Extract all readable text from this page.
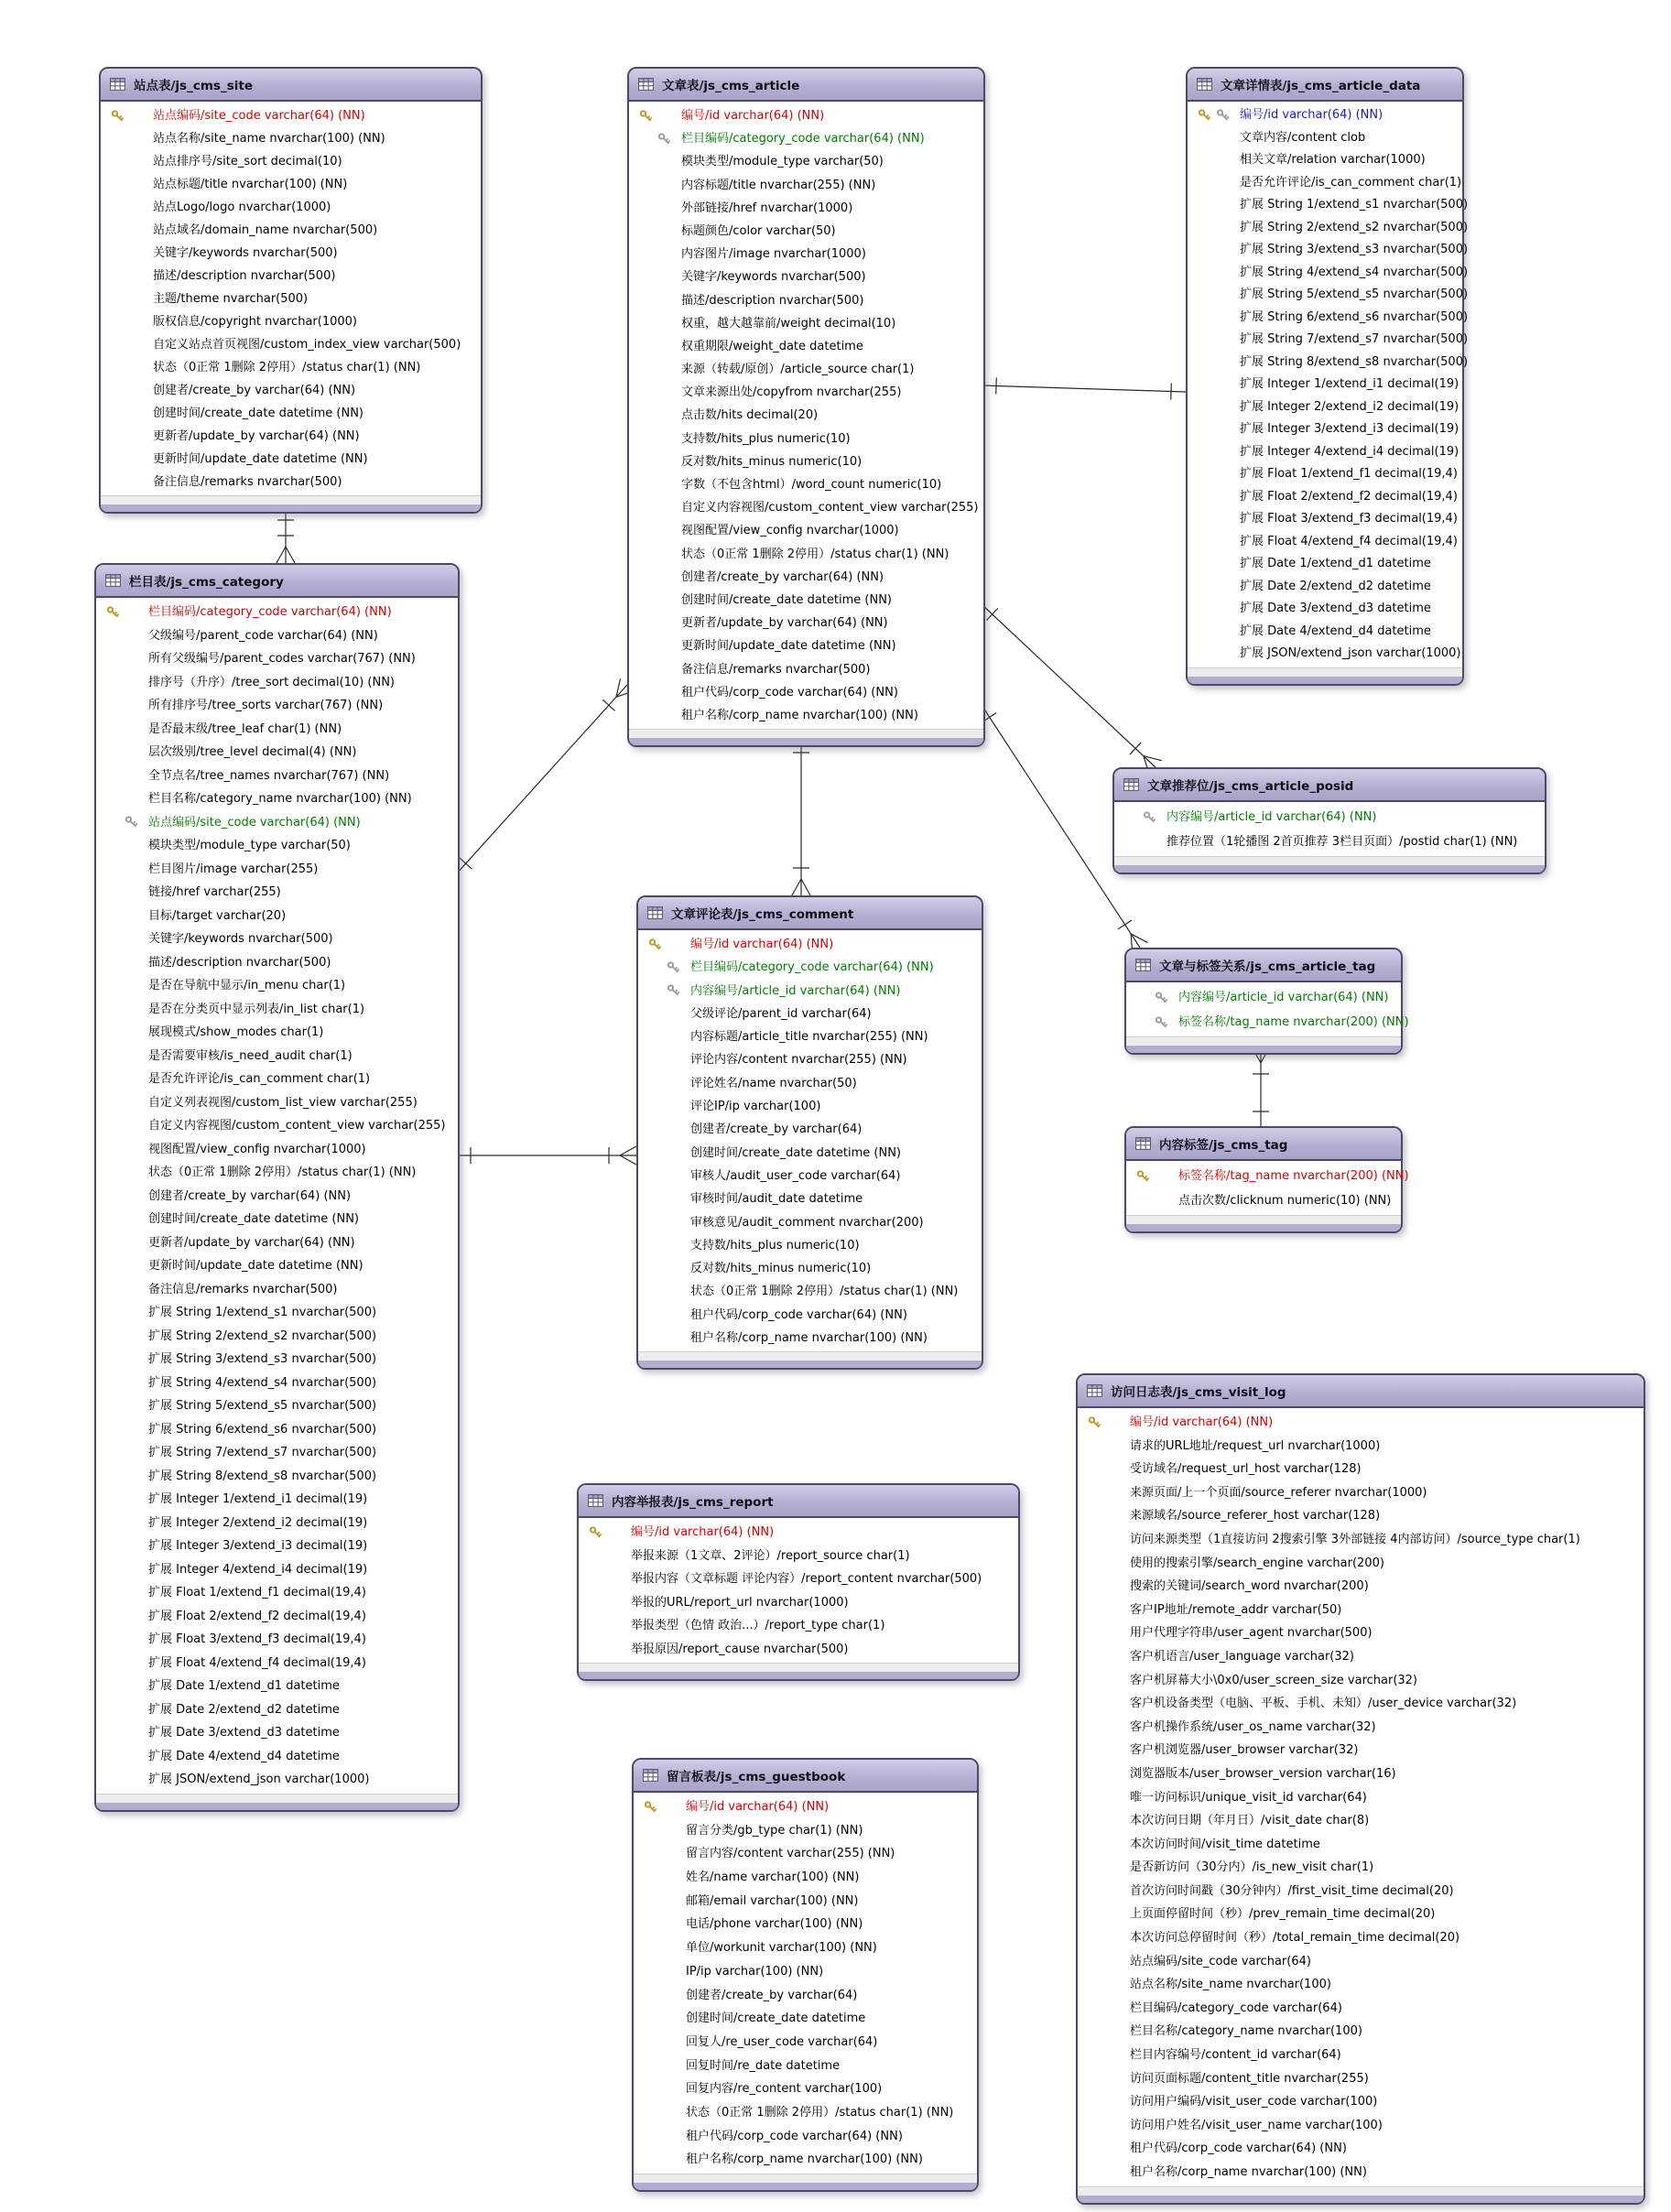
站点表/js_cms_site
站点编码/site_code varchar(64) (NN)
站点名称/site_name nvarchar(100) (NN)
站点排序号/site_sort decimal(10)
站点标题/title nvarchar(100) (NN)
站点Logo/logo nvarchar(1000)
站点域名/domain_name nvarchar(500)
关键字/keywords nvarchar(500)
描述/description nvarchar(500)
主题/theme nvarchar(500)
版权信息/copyright nvarchar(1000)
自定义站点首页视图/custom_index_view varchar(500)
状态（0正常 1删除 2停用）/status char(1) (NN)
创建者/create_by varchar(64) (NN)
创建时间/create_date datetime (NN)
更新者/update_by varchar(64) (NN)
更新时间/update_date datetime (NN)
备注信息/remarks nvarchar(500)
栏目表/js_cms_category
栏目编码/category_code varchar(64) (NN)
父级编号/parent_code varchar(64) (NN)
所有父级编号/parent_codes varchar(767) (NN)
排序号（升序）/tree_sort decimal(10) (NN)
所有排序号/tree_sorts varchar(767) (NN)
是否最末级/tree_leaf char(1) (NN)
层次级别/tree_level decimal(4) (NN)
全节点名/tree_names nvarchar(767) (NN)
栏目名称/category_name nvarchar(100) (NN)
站点编码/site_code varchar(64) (NN)
模块类型/module_type varchar(50)
栏目图片/image varchar(255)
链接/href varchar(255)
目标/target varchar(20)
关键字/keywords nvarchar(500)
描述/description nvarchar(500)
是否在导航中显示/in_menu char(1)
是否在分类页中显示列表/in_list char(1)
展现模式/show_modes char(1)
是否需要审核/is_need_audit char(1)
是否允许评论/is_can_comment char(1)
自定义列表视图/custom_list_view varchar(255)
自定义内容视图/custom_content_view varchar(255)
视图配置/view_config nvarchar(1000)
状态（0正常 1删除 2停用）/status char(1) (NN)
创建者/create_by varchar(64) (NN)
创建时间/create_date datetime (NN)
更新者/update_by varchar(64) (NN)
更新时间/update_date datetime (NN)
备注信息/remarks nvarchar(500)
扩展 String 1/extend_s1 nvarchar(500)
扩展 String 2/extend_s2 nvarchar(500)
扩展 String 3/extend_s3 nvarchar(500)
扩展 String 4/extend_s4 nvarchar(500)
扩展 String 5/extend_s5 nvarchar(500)
扩展 String 6/extend_s6 nvarchar(500)
扩展 String 7/extend_s7 nvarchar(500)
扩展 String 8/extend_s8 nvarchar(500)
扩展 Integer 1/extend_i1 decimal(19)
扩展 Integer 2/extend_i2 decimal(19)
扩展 Integer 3/extend_i3 decimal(19)
扩展 Integer 4/extend_i4 decimal(19)
扩展 Float 1/extend_f1 decimal(19,4)
扩展 Float 2/extend_f2 decimal(19,4)
扩展 Float 3/extend_f3 decimal(19,4)
扩展 Float 4/extend_f4 decimal(19,4)
扩展 Date 1/extend_d1 datetime
扩展 Date 2/extend_d2 datetime
扩展 Date 3/extend_d3 datetime
扩展 Date 4/extend_d4 datetime
扩展 JSON/extend_json varchar(1000)
文章表/js_cms_article
编号/id varchar(64) (NN)
栏目编码/category_code varchar(64) (NN)
模块类型/module_type varchar(50)
内容标题/title nvarchar(255) (NN)
外部链接/href nvarchar(1000)
标题颜色/color varchar(50)
内容图片/image nvarchar(1000)
关键字/keywords nvarchar(500)
描述/description nvarchar(500)
权重，越大越靠前/weight decimal(10)
权重期限/weight_date datetime
来源（转载/原创）/article_source char(1)
文章来源出处/copyfrom nvarchar(255)
点击数/hits decimal(20)
支持数/hits_plus numeric(10)
反对数/hits_minus numeric(10)
字数（不包含html）/word_count numeric(10)
自定义内容视图/custom_content_view varchar(255)
视图配置/view_config nvarchar(1000)
状态（0正常 1删除 2停用）/status char(1) (NN)
创建者/create_by varchar(64) (NN)
创建时间/create_date datetime (NN)
更新者/update_by varchar(64) (NN)
更新时间/update_date datetime (NN)
备注信息/remarks nvarchar(500)
租户代码/corp_code varchar(64) (NN)
租户名称/corp_name nvarchar(100) (NN)
文章详情表/js_cms_article_data
编号/id varchar(64) (NN)
文章内容/content clob
相关文章/relation varchar(1000)
是否允许评论/is_can_comment char(1)
扩展 String 1/extend_s1 nvarchar(500)
扩展 String 2/extend_s2 nvarchar(500)
扩展 String 3/extend_s3 nvarchar(500)
扩展 String 4/extend_s4 nvarchar(500)
扩展 String 5/extend_s5 nvarchar(500)
扩展 String 6/extend_s6 nvarchar(500)
扩展 String 7/extend_s7 nvarchar(500)
扩展 String 8/extend_s8 nvarchar(500)
扩展 Integer 1/extend_i1 decimal(19)
扩展 Integer 2/extend_i2 decimal(19)
扩展 Integer 3/extend_i3 decimal(19)
扩展 Integer 4/extend_i4 decimal(19)
扩展 Float 1/extend_f1 decimal(19,4)
扩展 Float 2/extend_f2 decimal(19,4)
扩展 Float 3/extend_f3 decimal(19,4)
扩展 Float 4/extend_f4 decimal(19,4)
扩展 Date 1/extend_d1 datetime
扩展 Date 2/extend_d2 datetime
扩展 Date 3/extend_d3 datetime
扩展 Date 4/extend_d4 datetime
扩展 JSON/extend_json varchar(1000)
文章推荐位/js_cms_article_posid
内容编号/article_id varchar(64) (NN)
推荐位置（1轮播图 2首页推荐 3栏目页面）/postid char(1) (NN)
文章与标签关系/js_cms_article_tag
内容编号/article_id varchar(64) (NN)
标签名称/tag_name nvarchar(200) (NN)
内容标签/js_cms_tag
标签名称/tag_name nvarchar(200) (NN)
点击次数/clicknum numeric(10) (NN)
文章评论表/js_cms_comment
编号/id varchar(64) (NN)
栏目编码/category_code varchar(64) (NN)
内容编号/article_id varchar(64) (NN)
父级评论/parent_id varchar(64)
内容标题/article_title nvarchar(255) (NN)
评论内容/content nvarchar(255) (NN)
评论姓名/name nvarchar(50)
评论IP/ip varchar(100)
创建者/create_by varchar(64)
创建时间/create_date datetime (NN)
审核人/audit_user_code varchar(64)
审核时间/audit_date datetime
审核意见/audit_comment nvarchar(200)
支持数/hits_plus numeric(10)
反对数/hits_minus numeric(10)
状态（0正常 1删除 2停用）/status char(1) (NN)
租户代码/corp_code varchar(64) (NN)
租户名称/corp_name nvarchar(100) (NN)
内容举报表/js_cms_report
编号/id varchar(64) (NN)
举报来源（1文章、2评论）/report_source char(1)
举报内容（文章标题 评论内容）/report_content nvarchar(500)
举报的URL/report_url nvarchar(1000)
举报类型（色情 政治...）/report_type char(1)
举报原因/report_cause nvarchar(500)
留言板表/js_cms_guestbook
编号/id varchar(64) (NN)
留言分类/gb_type char(1) (NN)
留言内容/content varchar(255) (NN)
姓名/name varchar(100) (NN)
邮箱/email varchar(100) (NN)
电话/phone varchar(100) (NN)
单位/workunit varchar(100) (NN)
IP/ip varchar(100) (NN)
创建者/create_by varchar(64)
创建时间/create_date datetime
回复人/re_user_code varchar(64)
回复时间/re_date datetime
回复内容/re_content varchar(100)
状态（0正常 1删除 2停用）/status char(1) (NN)
租户代码/corp_code varchar(64) (NN)
租户名称/corp_name nvarchar(100) (NN)
访问日志表/js_cms_visit_log
编号/id varchar(64) (NN)
请求的URL地址/request_url nvarchar(1000)
受访域名/request_url_host varchar(128)
来源页面/上一个页面/source_referer nvarchar(1000)
来源域名/source_referer_host varchar(128)
访问来源类型（1直接访问 2搜索引擎 3外部链接 4内部访问）/source_type char(1)
使用的搜索引擎/search_engine varchar(200)
搜索的关键词/search_word nvarchar(200)
客户IP地址/remote_addr varchar(50)
用户代理字符串/user_agent nvarchar(500)
客户机语言/user_language varchar(32)
客户机屏幕大小\0x0/user_screen_size varchar(32)
客户机设备类型（电脑、平板、手机、未知）/user_device varchar(32)
客户机操作系统/user_os_name varchar(32)
客户机浏览器/user_browser varchar(32)
浏览器版本/user_browser_version varchar(16)
唯一访问标识/unique_visit_id varchar(64)
本次访问日期（年月日）/visit_date char(8)
本次访问时间/visit_time datetime
是否新访问（30分内）/is_new_visit char(1)
首次访问时间戳（30分钟内）/first_visit_time decimal(20)
上页面停留时间（秒）/prev_remain_time decimal(20)
本次访问总停留时间（秒）/total_remain_time decimal(20)
站点编码/site_code varchar(64)
站点名称/site_name nvarchar(100)
栏目编码/category_code varchar(64)
栏目名称/category_name nvarchar(100)
栏目内容编号/content_id varchar(64)
访问页面标题/content_title nvarchar(255)
访问用户编码/visit_user_code varchar(100)
访问用户姓名/visit_user_name varchar(100)
租户代码/corp_code varchar(64) (NN)
租户名称/corp_name nvarchar(100) (NN)
